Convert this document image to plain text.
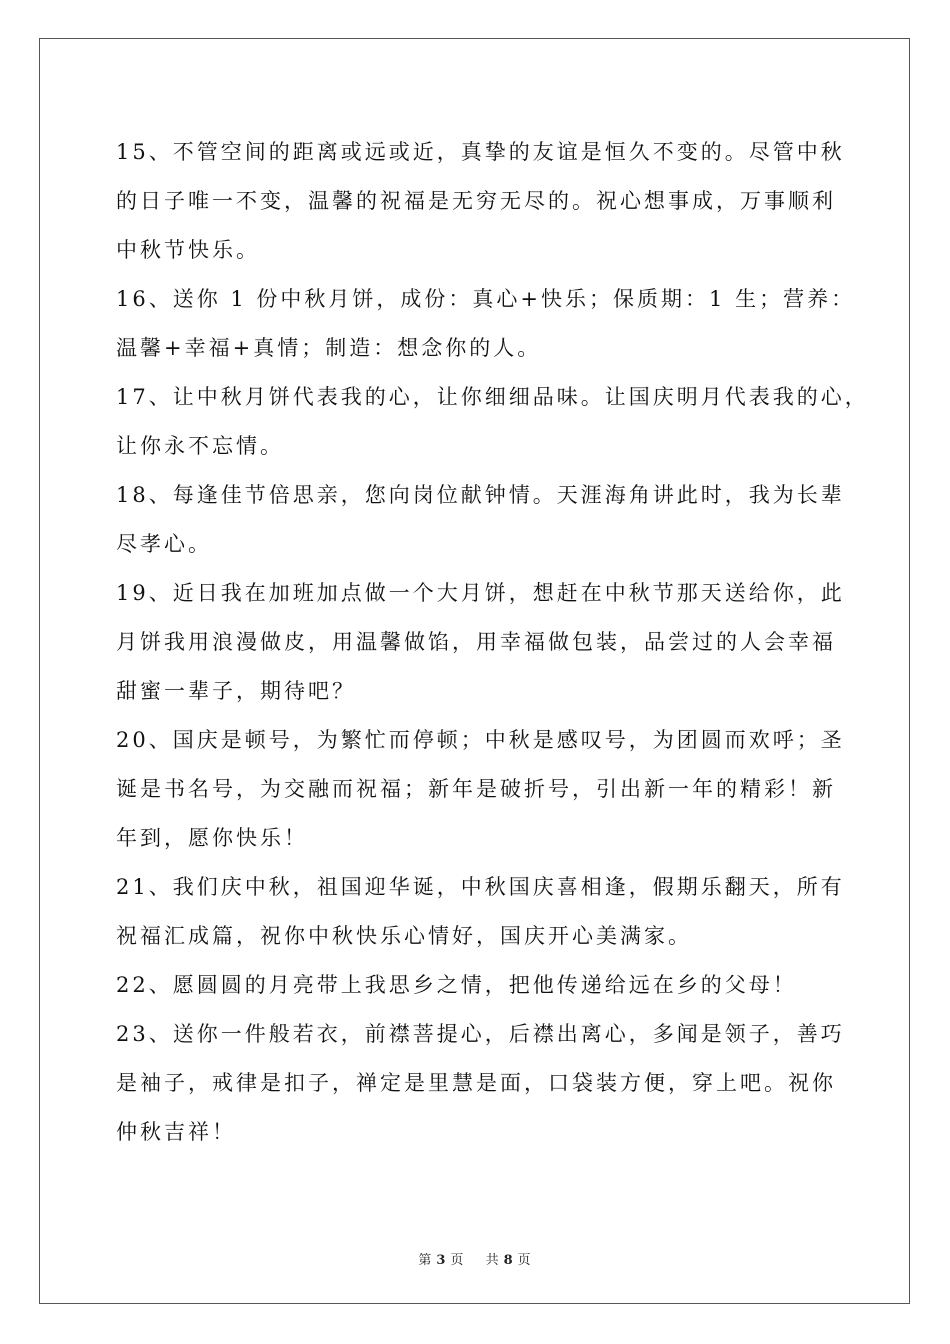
15、不管空间的距离或远或近，真挚的友谊是恒久不变的。尽管中秋
的日子唯一不变，温馨的祝福是无穷无尽的。祝心想事成，万事顺利
中秋节快乐。
16、送你 1 份中秋月饼，成份：真心+快乐；保质期：1 生；营养：
温馨+幸福+真情；制造：想念你的人。
17、让中秋月饼代表我的心，让你细细品味。让国庆明月代表我的心，
让你永不忘情。
18、每逢佳节倍思亲，您向岗位献钟情。天涯海角讲此时，我为长辈
尽孝心。
19、近日我在加班加点做一个大月饼，想赶在中秋节那天送给你，此
月饼我用浪漫做皮，用温馨做馅，用幸福做包装，品尝过的人会幸福
甜蜜一辈子，期待吧？
20、国庆是顿号，为繁忙而停顿；中秋是感叹号，为团圆而欢呼；圣
诞是书名号，为交融而祝福；新年是破折号，引出新一年的精彩！新
年到，愿你快乐！
21、我们庆中秋，祖国迎华诞，中秋国庆喜相逢，假期乐翻天，所有
祝福汇成篇，祝你中秋快乐心情好，国庆开心美满家。
22、愿圆圆的月亮带上我思乡之情，把他传递给远在乡的父母！
23、送你一件般若衣，前襟菩提心，后襟出离心，多闻是领子，善巧
是袖子，戒律是扣子，禅定是里慧是面，口袋装方便，穿上吧。祝你
仲秋吉祥！
第 3 页 共 8 页
